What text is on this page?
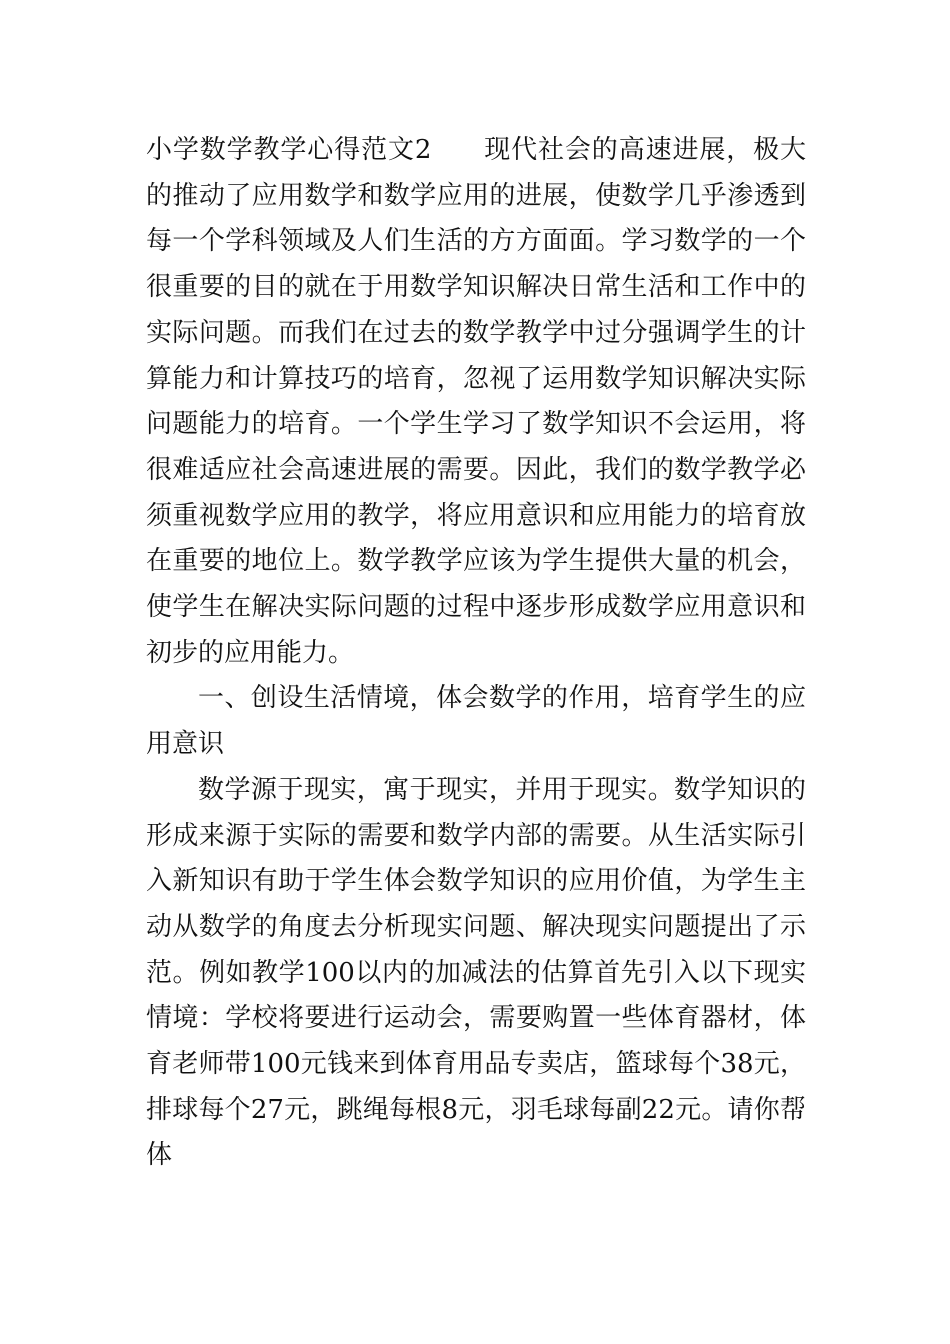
小学数学教学心得范文2 现代社会的高速进展，极大的推动了应用数学和数学应用的进展，使数学几乎渗透到每一个学科领域及人们生活的方方面面。学习数学的一个很重要的目的就在于用数学知识解决日常生活和工作中的实际问题。而我们在过去的数学教学中过分强调学生的计算能力和计算技巧的培育，忽视了运用数学知识解决实际问题能力的培育。一个学生学习了数学知识不会运用，将很难适应社会高速进展的需要。因此，我们的数学教学必须重视数学应用的教学，将应用意识和应用能力的培育放在重要的地位上。数学教学应该为学生提供大量的机会，使学生在解决实际问题的过程中逐步形成数学应用意识和初步的应用能力。

一、创设生活情境，体会数学的作用，培育学生的应用意识

数学源于现实，寓于现实，并用于现实。数学知识的形成来源于实际的需要和数学内部的需要。从生活实际引入新知识有助于学生体会数学知识的应用价值，为学生主动从数学的角度去分析现实问题、解决现实问题提出了示范。例如教学100以内的加减法的估算首先引入以下现实情境：学校将要进行运动会，需要购置一些体育器材，体育老师带100元钱来到体育用品专卖店，篮球每个38元，排球每个27元，跳绳每根8元，羽毛球每副22元。请你帮体
